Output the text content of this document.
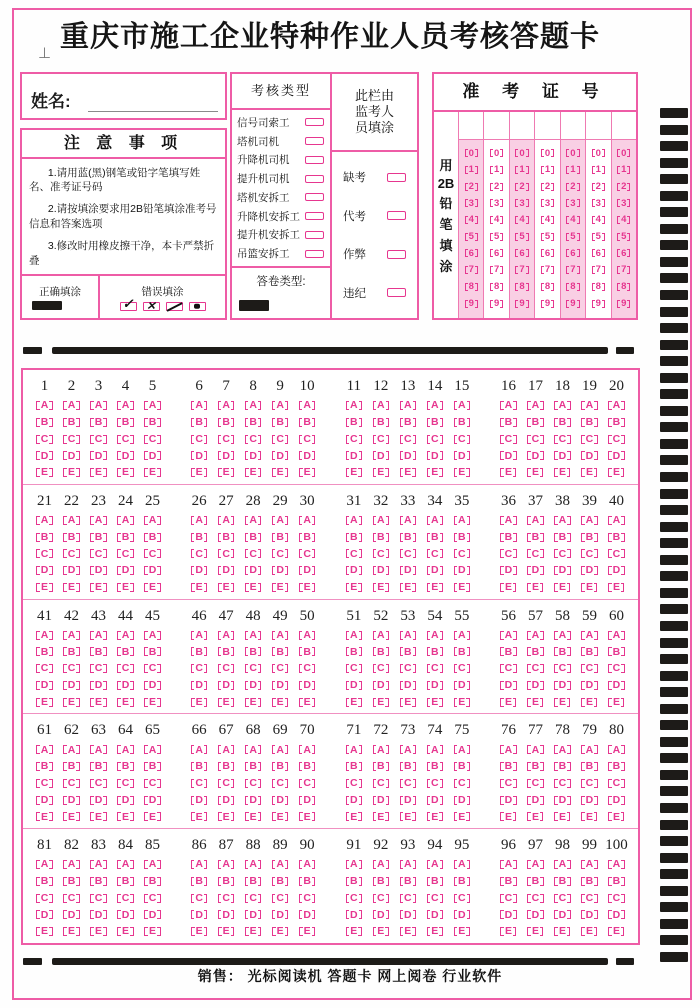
重庆市施工企业特种作业人员考核答题卡
⊥
姓名:
注 意 事 项

1.请用蓝(黑)钢笔或铅字笔填写姓名、准考证号码

2.请按填涂要求用2B铅笔填涂准考号信息和答案选项

3.修改时用橡皮擦干净，本卡严禁折叠

正确填涂	错误填涂
✓ ✕
考核类型
信号司索工
塔机司机
升降机司机
提升机司机
塔机安拆工
升降机安拆工
提升机安拆工
吊篮安拆工
答卷类型:
此栏由
监考人
员填涂
缺考
代考
作弊
违纪
准 考 证 号
用
2B
铅
笔
填
涂
0
1
2
3
4
5
6
7
8
9
0
1
2
3
4
5
6
7
8
9
0
1
2
3
4
5
6
7
8
9
0
1
2
3
4
5
6
7
8
9
0
1
2
3
4
5
6
7
8
9
0
1
2
3
4
5
6
7
8
9
0
1
2
3
4
5
6
7
8
9
1
A
B
C
D
E
2
A
B
C
D
E
3
A
B
C
D
E
4
A
B
C
D
E
5
A
B
C
D
E
6
A
B
C
D
E
7
A
B
C
D
E
8
A
B
C
D
E
9
A
B
C
D
E
10
A
B
C
D
E
11
A
B
C
D
E
12
A
B
C
D
E
13
A
B
C
D
E
14
A
B
C
D
E
15
A
B
C
D
E
16
A
B
C
D
E
17
A
B
C
D
E
18
A
B
C
D
E
19
A
B
C
D
E
20
A
B
C
D
E
21
A
B
C
D
E
22
A
B
C
D
E
23
A
B
C
D
E
24
A
B
C
D
E
25
A
B
C
D
E
26
A
B
C
D
E
27
A
B
C
D
E
28
A
B
C
D
E
29
A
B
C
D
E
30
A
B
C
D
E
31
A
B
C
D
E
32
A
B
C
D
E
33
A
B
C
D
E
34
A
B
C
D
E
35
A
B
C
D
E
36
A
B
C
D
E
37
A
B
C
D
E
38
A
B
C
D
E
39
A
B
C
D
E
40
A
B
C
D
E
41
A
B
C
D
E
42
A
B
C
D
E
43
A
B
C
D
E
44
A
B
C
D
E
45
A
B
C
D
E
46
A
B
C
D
E
47
A
B
C
D
E
48
A
B
C
D
E
49
A
B
C
D
E
50
A
B
C
D
E
51
A
B
C
D
E
52
A
B
C
D
E
53
A
B
C
D
E
54
A
B
C
D
E
55
A
B
C
D
E
56
A
B
C
D
E
57
A
B
C
D
E
58
A
B
C
D
E
59
A
B
C
D
E
60
A
B
C
D
E
61
A
B
C
D
E
62
A
B
C
D
E
63
A
B
C
D
E
64
A
B
C
D
E
65
A
B
C
D
E
66
A
B
C
D
E
67
A
B
C
D
E
68
A
B
C
D
E
69
A
B
C
D
E
70
A
B
C
D
E
71
A
B
C
D
E
72
A
B
C
D
E
73
A
B
C
D
E
74
A
B
C
D
E
75
A
B
C
D
E
76
A
B
C
D
E
77
A
B
C
D
E
78
A
B
C
D
E
79
A
B
C
D
E
80
A
B
C
D
E
81
A
B
C
D
E
82
A
B
C
D
E
83
A
B
C
D
E
84
A
B
C
D
E
85
A
B
C
D
E
86
A
B
C
D
E
87
A
B
C
D
E
88
A
B
C
D
E
89
A
B
C
D
E
90
A
B
C
D
E
91
A
B
C
D
E
92
A
B
C
D
E
93
A
B
C
D
E
94
A
B
C
D
E
95
A
B
C
D
E
96
A
B
C
D
E
97
A
B
C
D
E
98
A
B
C
D
E
99
A
B
C
D
E
100
A
B
C
D
E
销售： 光标阅读机 答题卡 网上阅卷 行业软件
